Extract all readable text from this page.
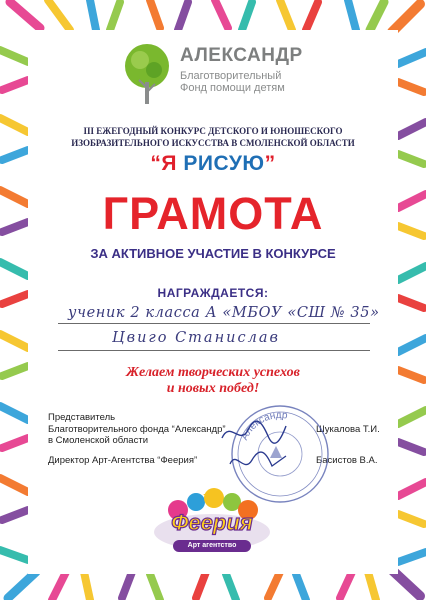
АЛЕКСАНДР
Благотворительный
Фонд помощи детям
III ЕЖЕГОДНЫЙ КОНКУРС ДЕТСКОГО И ЮНОШЕСКОГО
ИЗОБРАЗИТЕЛЬНОГО ИСКУССТВА В СМОЛЕНСКОЙ ОБЛАСТИ
“Я РИСУЮ”
ГРАМОТА
ЗА АКТИВНОЕ УЧАСТИЕ В КОНКУРСЕ
НАГРАЖДАЕТСЯ:
ученик 2 класса А «МБОУ «СШ № 35»
Цвиго Станислав
Желаем творческих успехов
и новых побед!
Александр
Представитель
Благотворительного фонда “Александр”
в Смоленской области
Шукалова Т.И.
Директор Арт-Агентства “Феерия”	Басистов В.А.
Феерия
Арт агентство
